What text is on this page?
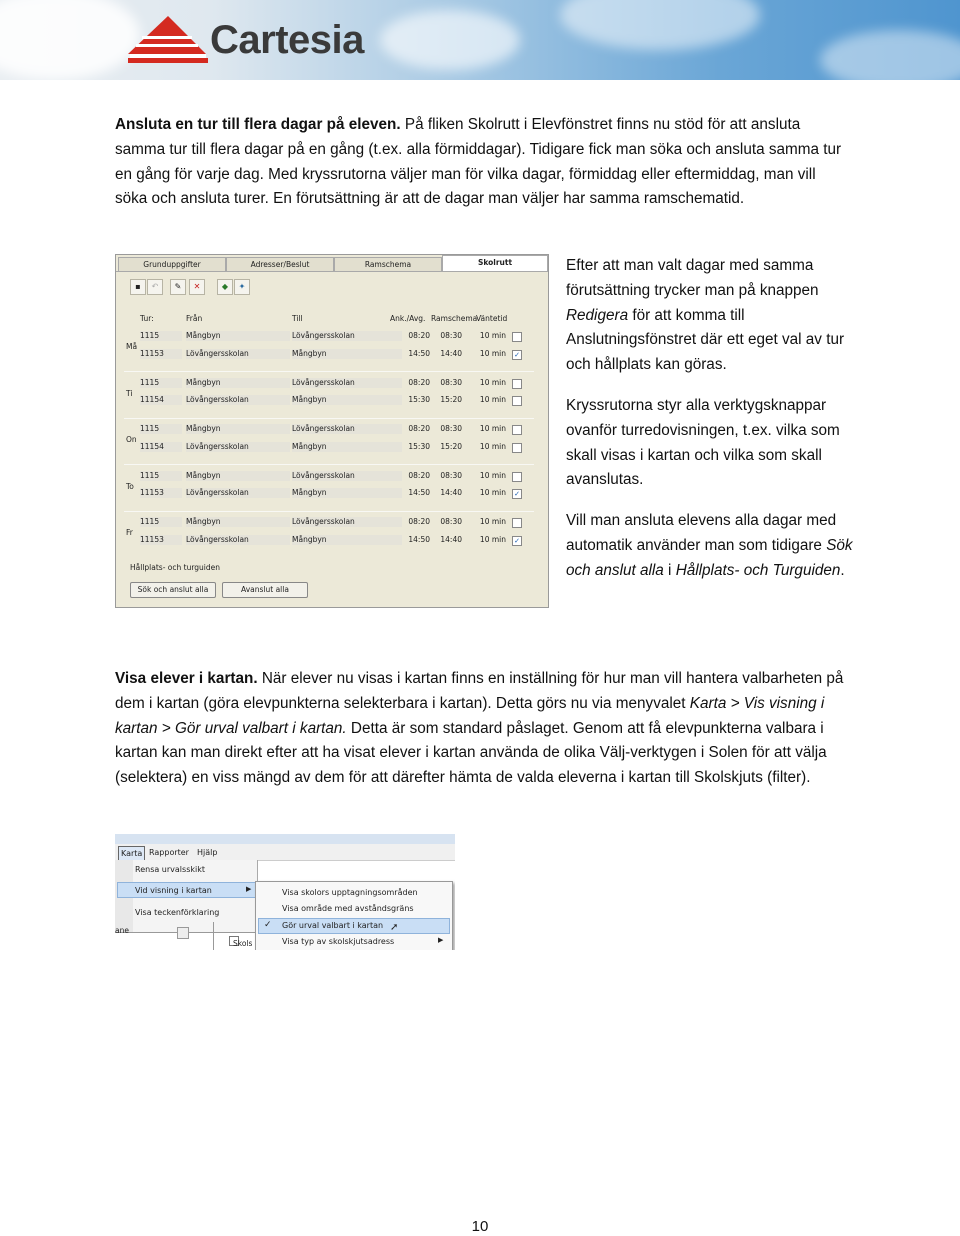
Cartesia
Ansluta en tur till flera dagar på eleven. På fliken Skolrutt i Elevfönstret finns nu stöd för att ansluta samma tur till flera dagar på en gång (t.ex. alla förmiddagar). Tidigare fick man söka och ansluta samma tur en gång för varje dag. Med kryssrutorna väljer man för vilka dagar, förmiddag eller eftermiddag, man vill söka och ansluta turer. En förutsättning är att de dagar man väljer har samma ramschematid.
Grunduppgifter	Adresser/Beslut	Ramschema	Skolrutt
▪	↶	✎	✕	◆	✦
Tur:	Från	Till	Ank./Avg. Ramschema
Väntetid
Må
1115	Mångbyn	Lövångersskolan	08:20	08:30	10 min
11153	Lövångersskolan	Mångbyn	14:50	14:40	10 min ✓
Ti
1115	Mångbyn	Lövångersskolan	08:20	08:30	10 min
11154	Lövångersskolan	Mångbyn	15:30	15:20	10 min
On
1115	Mångbyn	Lövångersskolan	08:20	08:30	10 min
11154	Lövångersskolan	Mångbyn	15:30	15:20	10 min
To
1115	Mångbyn	Lövångersskolan	08:20	08:30	10 min
11153	Lövångersskolan	Mångbyn	14:50	14:40	10 min ✓
Fr
1115	Mångbyn	Lövångersskolan	08:20	08:30	10 min
11153	Lövångersskolan	Mångbyn	14:50	14:40	10 min ✓
Hållplats- och turguiden
Sök och anslut alla	Avanslut alla

Efter att man valt dagar med samma förutsättning trycker man på knappen Redigera för att komma till Anslutningsfönstret där ett eget val av tur och hållplats kan göras.

Kryssrutorna styr alla verktygsknappar ovanför turredovisningen, t.ex. vilka som skall visas i kartan och vilka som skall avanslutas.

Vill man ansluta elevens alla dagar med automatik använder man som tidigare Sök och anslut alla i Hållplats- och Turguiden.

Visa elever i kartan. När elever nu visas i kartan finns en inställning för hur man vill hantera valbarheten på dem i kartan (göra elevpunkterna selekterbara i kartan). Detta görs nu via menyvalet Karta > Vis visning i kartan > Gör urval valbart i kartan. Detta är som standard påslaget. Genom att få elevpunkterna valbara i kartan kan man direkt efter att ha visat elever i kartan använda de olika Välj-verktygen i Solen för att välja (selektera) en viss mängd av dem för att därefter hämta de valda eleverna i kartan till Skolskjuts (filter).
Karta Rapporter Hjälp
Rensa urvalsskikt
Vid visning i kartan	▶
Visa teckenförklaring
ane
Skols
Visa skolors upptagningsområden
Visa område med avståndsgräns
✓ Gör urval valbart i kartan ➚
Visa typ av skolskjutsadress	▶
10
